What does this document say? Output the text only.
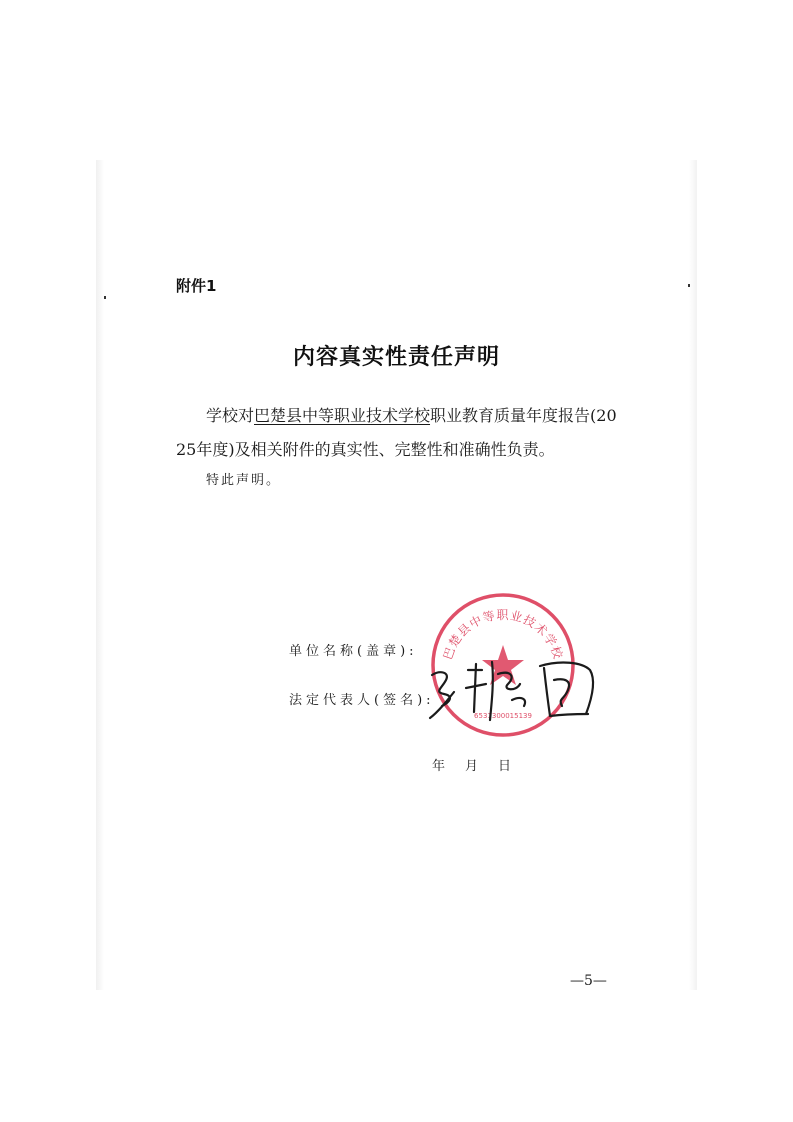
附件1
内容真实性责任声明
学校对巴楚县中等职业技术学校职业教育质量年度报告(20
25年度)及相关附件的真实性、完整性和准确性负责。
特此声明。
单位名称(盖章):
法定代表人(签名):
巴楚县中等职业技术学校
6531300015139
年 月 日
—5—
